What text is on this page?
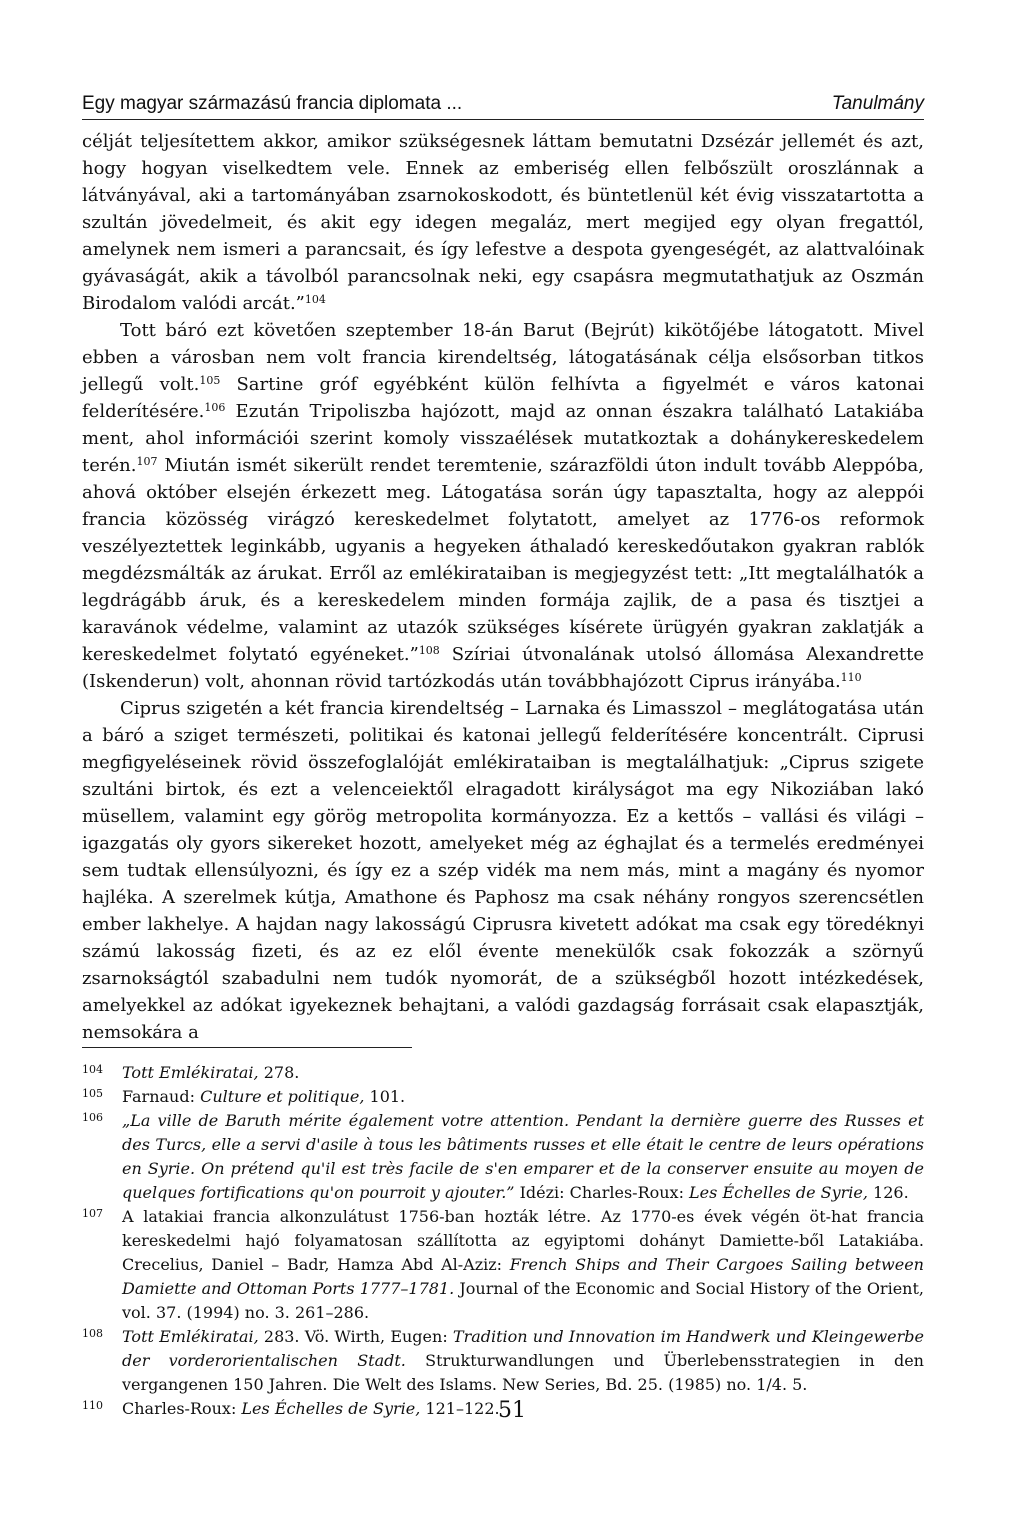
Egy magyar származású francia diplomata ...	Tanulmány

célját teljesítettem akkor, amikor szükségesnek láttam bemutatni Dzsézár jellemét és azt, hogy hogyan viselkedtem vele. Ennek az emberiség ellen felbőszült oroszlánnak a látványával, aki a tartományában zsarnokoskodott, és büntetlenül két évig visszatartotta a szultán jövedelmeit, és akit egy idegen megaláz, mert megijed egy olyan fregattól, amelynek nem ismeri a parancsait, és így lefestve a despota gyengeségét, az alattvalóinak gyávaságát, akik a távolból parancsolnak neki, egy csapásra megmutathatjuk az Oszmán Birodalom valódi arcát.”$^{104}$

Tott báró ezt követően szeptember 18-án Barut (Bejrút) kikötőjébe látogatott. Mivel ebben a városban nem volt francia kirendeltség, látogatásának célja elsősorban titkos jellegű volt.$^{105}$ Sartine gróf egyébként külön felhívta a figyelmét e város katonai felderítésére.$^{106}$ Ezután Tripoliszba hajózott, majd az onnan északra található Latakiába ment, ahol információi szerint komoly visszaélések mutatkoztak a dohánykereskedelem terén.$^{107}$ Miután ismét sikerült rendet teremtenie, szárazföldi úton indult tovább Aleppóba, ahová október elsején érkezett meg. Látogatása során úgy tapasztalta, hogy az aleppói francia közösség virágzó kereskedelmet folytatott, amelyet az 1776-os reformok veszélyeztettek leginkább, ugyanis a hegyeken áthaladó kereskedőutakon gyakran rablók megdézsmálták az árukat. Erről az emlékirataiban is megjegyzést tett: „Itt megtalálhatók a legdrágább áruk, és a kereskedelem minden formája zajlik, de a pasa és tisztjei a karavánok védelme, valamint az utazók szükséges kísérete ürügyén gyakran zaklatják a kereskedelmet folytató egyéneket.”$^{108}$ Szíriai útvonalának utolsó állomása Alexandrette (Iskenderun) volt, ahonnan rövid tartózkodás után továbbhajózott Ciprus irányába.$^{110}$

Ciprus szigetén a két francia kirendeltség – Larnaka és Limasszol – meglátogatása után a báró a sziget természeti, politikai és katonai jellegű felderítésére koncentrált. Ciprusi megfigyeléseinek rövid összefoglalóját emlékirataiban is megtalálhatjuk: „Ciprus szigete szultáni birtok, és ezt a velenceiektől elragadott királyságot ma egy Nikoziában lakó müsellem, valamint egy görög metropolita kormányozza. Ez a kettős – vallási és világi – igazgatás oly gyors sikereket hozott, amelyeket még az éghajlat és a termelés eredményei sem tudtak ellensúlyozni, és így ez a szép vidék ma nem más, mint a magány és nyomor hajléka. A szerelmek kútja, Amathone és Paphosz ma csak néhány rongyos szerencsétlen ember lakhelye. A hajdan nagy lakosságú Ciprusra kivetett adókat ma csak egy töredéknyi számú lakosság fizeti, és az ez elől évente menekülők csak fokozzák a szörnyű zsarnokságtól szabadulni nem tudók nyomorát, de a szükségből hozott intézkedések, amelyekkel az adókat igyekeznek behajtani, a valódi gazdagság forrásait csak elapasztják, nemsokára a

104	Tott Emlékiratai, 278.
105	Farnaud: Culture et politique, 101.
106	„La ville de Baruth mérite également votre attention. Pendant la dernière guerre des Russes et des Turcs, elle a servi d'asile à tous les bâtiments russes et elle était le centre de leurs opérations en Syrie. On prétend qu'il est très facile de s'en emparer et de la conserver ensuite au moyen de quelques fortifications qu'on pourroit y ajouter.” Idézi: Charles-Roux: Les Échelles de Syrie, 126.
107	A latakiai francia alkonzulátust 1756-ban hozták létre. Az 1770-es évek végén öt-hat francia kereskedelmi hajó folyamatosan szállította az egyiptomi dohányt Damiette-ből Latakiába. Crecelius, Daniel – Badr, Hamza Abd Al-Aziz: French Ships and Their Cargoes Sailing between Damiette and Ottoman Ports 1777–1781. Journal of the Economic and Social History of the Orient, vol. 37. (1994) no. 3. 261–286.
108	Tott Emlékiratai, 283. Vö. Wirth, Eugen: Tradition und Innovation im Handwerk und Kleingewerbe der vorderorientalischen Stadt. Strukturwandlungen und Überlebensstrategien in den vergangenen 150 Jahren. Die Welt des Islams. New Series, Bd. 25. (1985) no. 1/4. 5.
110	Charles-Roux: Les Échelles de Syrie, 121–122.
51
